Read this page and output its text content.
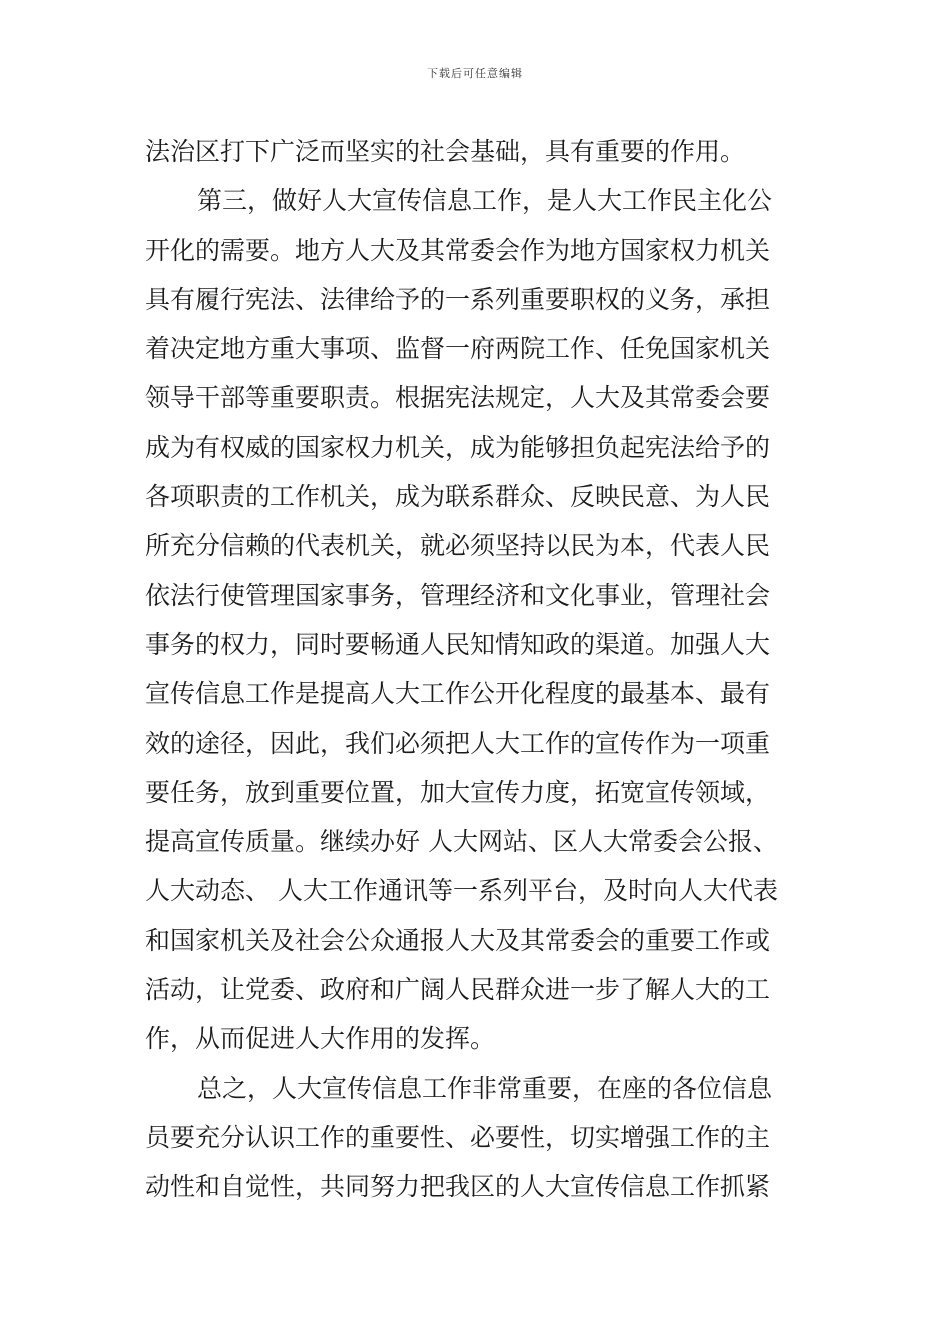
下载后可任意编辑
法治区打下广泛而坚实的社会基础，具有重要的作用。
第三，做好人大宣传信息工作，是人大工作民主化公
开化的需要。地方人大及其常委会作为地方国家权力机关
具有履行宪法、法律给予的一系列重要职权的义务，承担
着决定地方重大事项、监督一府两院工作、任免国家机关
领导干部等重要职责。根据宪法规定，人大及其常委会要
成为有权威的国家权力机关，成为能够担负起宪法给予的
各项职责的工作机关，成为联系群众、反映民意、为人民
所充分信赖的代表机关，就必须坚持以民为本，代表人民
依法行使管理国家事务，管理经济和文化事业，管理社会
事务的权力，同时要畅通人民知情知政的渠道。加强人大
宣传信息工作是提高人大工作公开化程度的最基本、最有
效的途径，因此，我们必须把人大工作的宣传作为一项重
要任务，放到重要位置，加大宣传力度，拓宽宣传领域，
提高宣传质量。继续办好 人大网站、区人大常委会公报、
人大动态、 人大工作通讯等一系列平台，及时向人大代表
和国家机关及社会公众通报人大及其常委会的重要工作或
活动，让党委、政府和广阔人民群众进一步了解人大的工
作，从而促进人大作用的发挥。
总之，人大宣传信息工作非常重要，在座的各位信息
员要充分认识工作的重要性、必要性，切实增强工作的主
动性和自觉性，共同努力把我区的人大宣传信息工作抓紧
